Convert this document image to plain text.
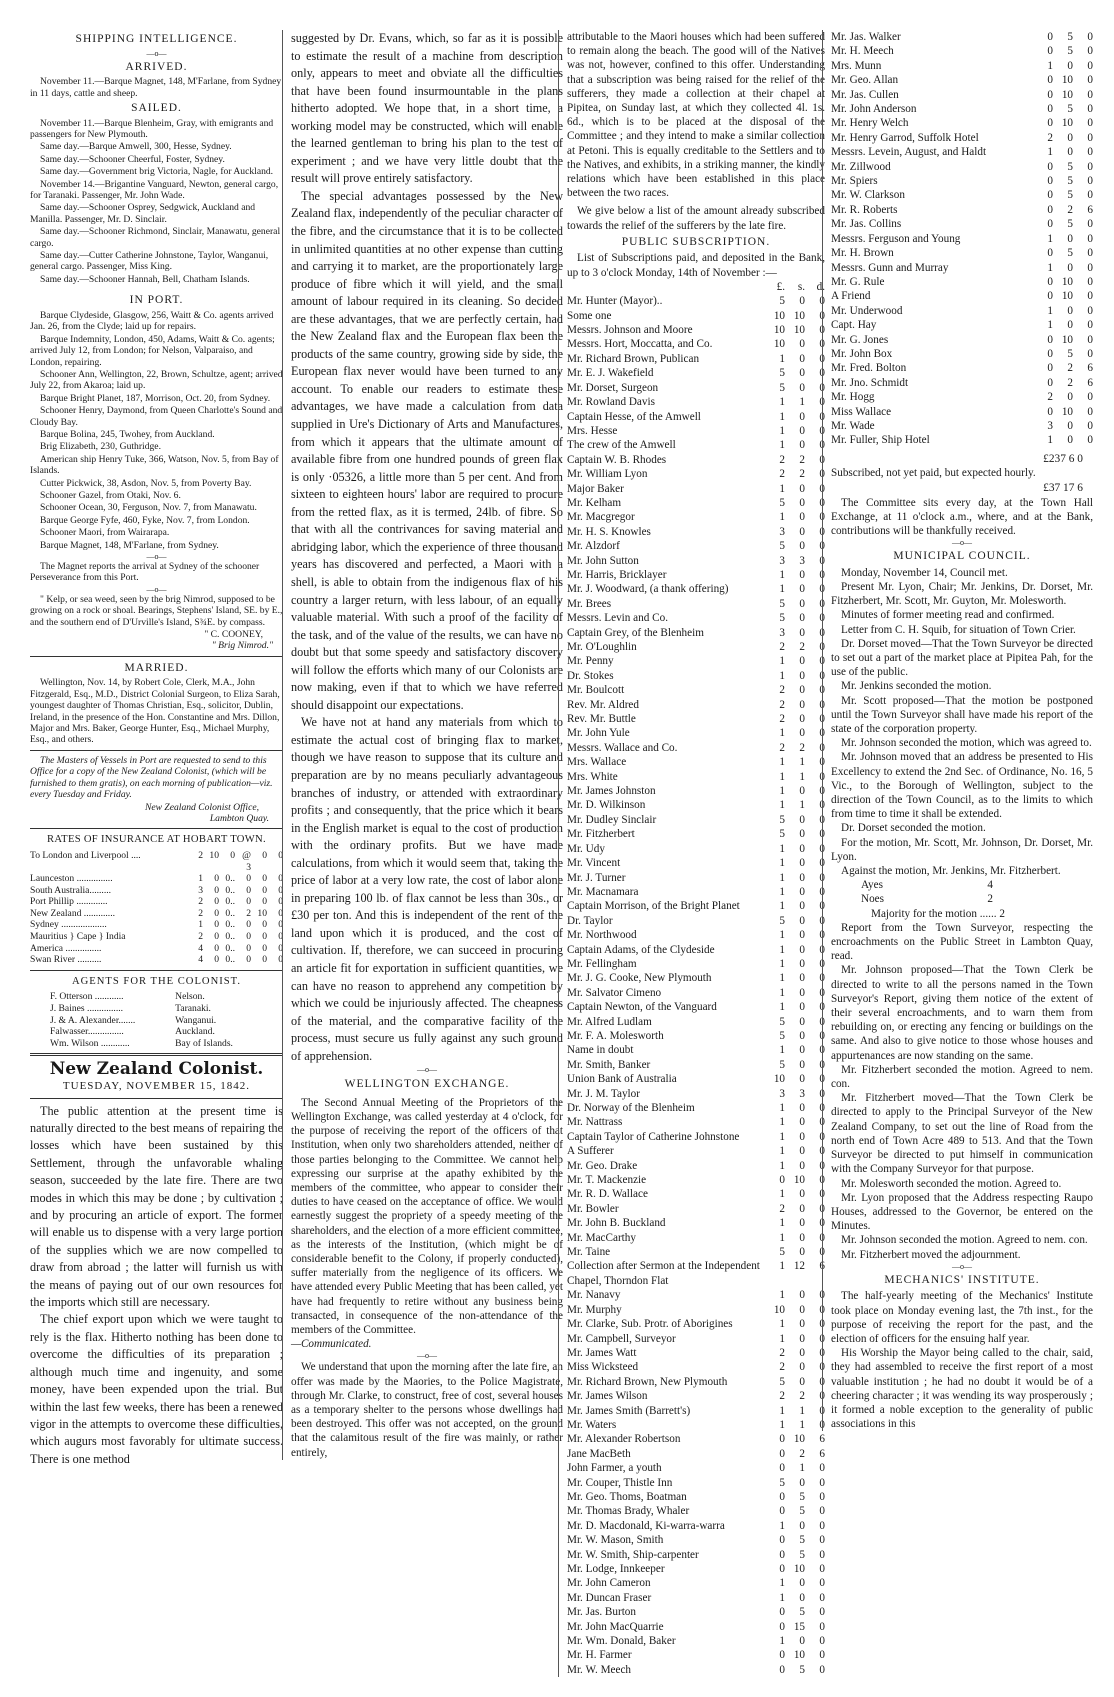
SHIPPING INTELLIGENCE.
—o—
ARRIVED.

November 11.—Barque Magnet, 148, M'Farlane, from Sydney in 11 days, cattle and sheep.

SAILED.

November 11.—Barque Blenheim, Gray, with emigrants and passengers for New Plymouth.

Same day.—Barque Amwell, 300, Hesse, Sydney.

Same day.—Schooner Cheerful, Foster, Sydney.

Same day.—Government brig Victoria, Nagle, for Auckland.

November 14.—Brigantine Vanguard, Newton, general cargo, for Taranaki. Passenger, Mr. John Wade.

Same day.—Schooner Osprey, Sedgwick, Auckland and Manilla. Passenger, Mr. D. Sinclair.

Same day.—Schooner Richmond, Sinclair, Manawatu, general cargo.

Same day.—Cutter Catherine Johnstone, Taylor, Wanganui, general cargo. Passenger, Miss King.

Same day.—Schooner Hannah, Bell, Chatham Islands.

IN PORT.

Barque Clydeside, Glasgow, 256, Waitt & Co. agents arrived Jan. 26, from the Clyde; laid up for repairs.

Barque Indemnity, London, 450, Adams, Waitt & Co. agents; arrived July 12, from London; for Nelson, Valparaiso, and London, repairing.

Schooner Ann, Wellington, 22, Brown, Schultze, agent; arrived July 22, from Akaroa; laid up.

Barque Bright Planet, 187, Morrison, Oct. 20, from Sydney.

Schooner Henry, Daymond, from Queen Charlotte's Sound and Cloudy Bay.

Barque Bolina, 245, Twohey, from Auckland.

Brig Elizabeth, 230, Guthridge.

American ship Henry Tuke, 366, Watson, Nov. 5, from Bay of Islands.

Cutter Pickwick, 38, Asdon, Nov. 5, from Poverty Bay.

Schooner Gazel, from Otaki, Nov. 6.

Schooner Ocean, 30, Ferguson, Nov. 7, from Manawatu.

Barque George Fyfe, 460, Fyke, Nov. 7, from London.

Schooner Maori, from Wairarapa.

Barque Magnet, 148, M'Farlane, from Sydney.

—o—

The Magnet reports the arrival at Sydney of the schooner Perseverance from this Port.

—o—

" Kelp, or sea weed, seen by the brig Nimrod, supposed to be growing on a rock or shoal. Bearings, Stephens' Island, SE. by E., and the southern end of D'Urville's Island, S¾E. by compass.

" C. COONEY,
" Brig Nimrod."
MARRIED.

Wellington, Nov. 14, by Robert Cole, Clerk, M.A., John Fitzgerald, Esq., M.D., District Colonial Surgeon, to Eliza Sarah, youngest daughter of Thomas Christian, Esq., solicitor, Dublin, Ireland, in the presence of the Hon. Constantine and Mrs. Dillon, Major and Mrs. Baker, George Hunter, Esq., Michael Murphy, Esq., and others.

The Masters of Vessels in Port are requested to send to this Office for a copy of the New Zealand Colonist, (which will be furnished to them gratis), on each morning of publication—viz. every Tuesday and Friday.

New Zealand Colonist Office,
Lambton Quay.
RATES OF INSURANCE AT HOBART TOWN.
To London and Liverpool ....	2	10	0	@ 3	0	0
Launceston ...............	1	0	0..	0	0	0
South Australia.........	3	0	0..	0	0	0
Port Phillip .............	2	0	0..	0	0	0
New Zealand .............	2	0	0..	2	10	0
Sydney ...................	1	0	0..	0	0	0
Mauritius } Cape } India	2	0	0..	0	0	0
America ...............	4	0	0..	0	0	0
Swan River ..........	4	0	0..	0	0	0
AGENTS FOR THE COLONIST.
F. Otterson ............	Nelson.
J. Baines ...............	Taranaki.
J. & A. Alexander.......	Wanganui.
Falwasser...............	Auckland.
Wm. Wilson ............	Bay of Islands.
New Zealand Colonist.
TUESDAY, NOVEMBER 15, 1842.

The public attention at the present time is naturally directed to the best means of repairing the losses which have been sustained by this Settlement, through the unfavorable whaling season, succeeded by the late fire. There are two modes in which this may be done ; by cultivation ; and by procuring an article of export. The former will enable us to dispense with a very large portion of the supplies which we are now compelled to draw from abroad ; the latter will furnish us with the means of paying out of our own resources for the imports which still are necessary.

The chief export upon which we were taught to rely is the flax. Hitherto nothing has been done to overcome the difficulties of its preparation ; although much time and ingenuity, and some money, have been expended upon the trial. But within the last few weeks, there has been a renewed vigor in the attempts to overcome these difficulties, which augurs most favorably for ultimate success. There is one method

suggested by Dr. Evans, which, so far as it is possible to estimate the result of a machine from description only, appears to meet and obviate all the difficulties that have been found insurmountable in the plans hitherto adopted. We hope that, in a short time, a working model may be constructed, which will enable the learned gentleman to bring his plan to the test of experiment ; and we have very little doubt that the result will prove entirely satisfactory.

The special advantages possessed by the New Zealand flax, independently of the peculiar character of the fibre, and the circumstance that it is to be collected in unlimited quantities at no other expense than cutting and carrying it to market, are the proportionately large produce of fibre which it will yield, and the small amount of labour required in its cleaning. So decided are these advantages, that we are perfectly certain, had the New Zealand flax and the European flax been the products of the same country, growing side by side, the European flax never would have been turned to any account. To enable our readers to estimate these advantages, we have made a calculation from data supplied in Ure's Dictionary of Arts and Manufactures, from which it appears that the ultimate amount of available fibre from one hundred pounds of green flax is only ·05326, a little more than 5 per cent. And from sixteen to eighteen hours' labor are required to procure from the retted flax, as it is termed, 24lb. of fibre. So that with all the contrivances for saving material and abridging labor, which the experience of three thousand years has discovered and perfected, a Maori with a shell, is able to obtain from the indigenous flax of his country a larger return, with less labour, of an equally valuable material. With such a proof of the facility of the task, and of the value of the results, we can have no doubt but that some speedy and satisfactory discovery will follow the efforts which many of our Colonists are now making, even if that to which we have referred should disappoint our expectations.

We have not at hand any materials from which to estimate the actual cost of bringing flax to market, though we have reason to suppose that its culture and preparation are by no means peculiarly advantageous branches of industry, or attended with extraordinary profits ; and consequently, that the price which it bears in the English market is equal to the cost of production with the ordinary profits. But we have made calculations, from which it would seem that, taking the price of labor at a very low rate, the cost of labor alone in preparing 100 lb. of flax cannot be less than 30s., or £30 per ton. And this is independent of the rent of the land upon which it is produced, and the cost of cultivation. If, therefore, we can succeed in procuring an article fit for exportation in sufficient quantities, we can have no reason to apprehend any competition by which we could be injuriously affected. The cheapness of the material, and the comparative facility of the process, must secure us fully against any such ground of apprehension.

—o—
WELLINGTON EXCHANGE.

The Second Annual Meeting of the Proprietors of the Wellington Exchange, was called yesterday at 4 o'clock, for the purpose of receiving the report of the officers of that Institution, when only two shareholders attended, neither of those parties belonging to the Committee. We cannot help expressing our surprise at the apathy exhibited by the members of the committee, who appear to consider their duties to have ceased on the acceptance of office. We would earnestly suggest the propriety of a speedy meeting of the shareholders, and the election of a more efficient committee, as the interests of the Institution, (which might be of considerable benefit to the Colony, if properly conducted), suffer materially from the negligence of its officers. We have attended every Public Meeting that has been called, yet have had frequently to retire without any business being transacted, in consequence of the non-attendance of the members of the Committee.

—Communicated.
—o—

We understand that upon the morning after the late fire, an offer was made by the Maories, to the Police Magistrate, through Mr. Clarke, to construct, free of cost, several houses as a temporary shelter to the persons whose dwellings had been destroyed. This offer was not accepted, on the ground that the calamitous result of the fire was mainly, or rather entirely,

attributable to the Maori houses which had been suffered to remain along the beach. The good will of the Natives was not, however, confined to this offer. Understanding that a subscription was being raised for the relief of the sufferers, they made a collection at their chapel at Pipitea, on Sunday last, at which they collected 4l. 1s. 6d., which is to be placed at the disposal of the Committee ; and they intend to make a similar collection at Petoni. This is equally creditable to the Settlers and to the Natives, and exhibits, in a striking manner, the kindly relations which have been established in this place between the two races.

We give below a list of the amount already subscribed towards the relief of the sufferers by the late fire.

PUBLIC SUBSCRIPTION.

List of Subscriptions paid, and deposited in the Bank, up to 3 o'clock Monday, 14th of November :—

	£.	s.	d.
Mr. Hunter (Mayor)..	5	0	0
Some one	10	10	0
Messrs. Johnson and Moore	10	10	0
Messrs. Hort, Moccatta, and Co.	10	0	0
Mr. Richard Brown, Publican	1	0	0
Mr. E. J. Wakefield	5	0	0
Mr. Dorset, Surgeon	5	0	0
Mr. Rowland Davis	1	1	0
Captain Hesse, of the Amwell	1	0	0
Mrs. Hesse	1	0	0
The crew of the Amwell	1	0	0
Captain W. B. Rhodes	2	2	0
Mr. William Lyon	2	2	0
Major Baker	1	0	0
Mr. Kelham	5	0	0
Mr. Macgregor	1	0	0
Mr. H. S. Knowles	3	0	0
Mr. Alzdorf	5	0	0
Mr. John Sutton	3	3	0
Mr. Harris, Bricklayer	1	0	0
Mr. J. Woodward, (a thank offering)	1	0	0
Mr. Brees	5	0	0
Messrs. Levin and Co.	5	0	0
Captain Grey, of the Blenheim	3	0	0
Mr. O'Loughlin	2	2	0
Mr. Penny	1	0	0
Dr. Stokes	1	0	0
Mr. Boulcott	2	0	0
Rev. Mr. Aldred	2	0	0
Rev. Mr. Buttle	2	0	0
Mr. John Yule	1	0	0
Messrs. Wallace and Co.	2	2	0
Mrs. Wallace	1	1	0
Mrs. White	1	1	0
Mr. James Johnston	1	0	0
Mr. D. Wilkinson	1	1	0
Mr. Dudley Sinclair	5	0	0
Mr. Fitzherbert	5	0	0
Mr. Udy	1	0	0
Mr. Vincent	1	0	0
Mr. J. Turner	1	0	0
Mr. Macnamara	1	0	0
Captain Morrison, of the Bright Planet	1	0	0
Dr. Taylor	5	0	0
Mr. Northwood	1	0	0
Captain Adams, of the Clydeside	1	0	0
Mr. Fellingham	1	0	0
Mr. J. G. Cooke, New Plymouth	1	0	0
Mr. Salvator Cimeno	1	0	0
Captain Newton, of the Vanguard	1	0	0
Mr. Alfred Ludlam	5	0	0
Mr. F. A. Molesworth	5	0	0
Name in doubt	1	0	0
Mr. Smith, Banker	5	0	0
Union Bank of Australia	10	0	0
Mr. J. M. Taylor	3	3	0
Dr. Norway of the Blenheim	1	0	0
Mr. Nattrass	1	0	0
Captain Taylor of Catherine Johnstone	1	0	0
A Sufferer	1	0	0
Mr. Geo. Drake	1	0	0
Mr. T. Mackenzie	0	10	0
Mr. R. D. Wallace	1	0	0
Mr. Bowler	2	0	0
Mr. John B. Buckland	1	0	0
Mr. MacCarthy	1	0	0
Mr. Taine	5	0	0
Collection after Sermon at the Independent Chapel, Thorndon Flat	1	12	6
Mr. Nanavy	1	0	0
Mr. Murphy	10	0	0
Mr. Clarke, Sub. Protr. of Aborigines	1	0	0
Mr. Campbell, Surveyor	1	0	0
Mr. James Watt	2	0	0
Miss Wicksteed	2	0	0
Mr. Richard Brown, New Plymouth	5	0	0
Mr. James Wilson	2	2	0
Mr. James Smith (Barrett's)	1	1	0
Mr. Waters	1	1	0
Mr. Alexander Robertson	0	10	6
Jane MacBeth	0	2	6
John Farmer, a youth	0	1	0
Mr. Couper, Thistle Inn	5	0	0
Mr. Geo. Thoms, Boatman	0	5	0
Mr. Thomas Brady, Whaler	0	5	0
Mr. D. Macdonald, Ki-warra-warra	1	0	0
Mr. W. Mason, Smith	0	5	0
Mr. W. Smith, Ship-carpenter	0	5	0
Mr. Lodge, Innkeeper	0	10	0
Mr. John Cameron	1	0	0
Mr. Duncan Fraser	1	0	0
Mr. Jas. Burton	0	5	0
Mr. John MacQuarrie	0	15	0
Mr. Wm. Donald, Baker	1	0	0
Mr. H. Farmer	0	10	0
Mr. W. Meech	0	5	0
Mr. Jas. Walker	0	5	0
Mr. H. Meech	0	5	0
Mrs. Munn	1	0	0
Mr. Geo. Allan	0	10	0
Mr. Jas. Cullen	0	10	0
Mr. John Anderson	0	5	0
Mr. Henry Welch	0	10	0
Mr. Henry Garrod, Suffolk Hotel	2	0	0
Messrs. Levein, August, and Haldt	1	0	0
Mr. Zillwood	0	5	0
Mr. Spiers	0	5	0
Mr. W. Clarkson	0	5	0
Mr. R. Roberts	0	2	6
Mr. Jas. Collins	0	5	0
Messrs. Ferguson and Young	1	0	0
Mr. H. Brown	0	5	0
Messrs. Gunn and Murray	1	0	0
Mr. G. Rule	0	10	0
A Friend	0	10	0
Mr. Underwood	1	0	0
Capt. Hay	1	0	0
Mr. G. Jones	0	10	0
Mr. John Box	0	5	0
Mr. Fred. Bolton	0	2	6
Mr. Jno. Schmidt	0	2	6
Mr. Hogg	2	0	0
Miss Wallace	0	10	0
Mr. Wade	3	0	0
Mr. Fuller, Ship Hotel	1	0	0
£237 6 0
Subscribed, not yet paid, but expected hourly.
£37 17 6

The Committee sits every day, at the Town Hall Exchange, at 11 o'clock a.m., where, and at the Bank, contributions will be thankfully received.

—o—
MUNICIPAL COUNCIL.

Monday, November 14, Council met.

Present Mr. Lyon, Chair; Mr. Jenkins, Dr. Dorset, Mr. Fitzherbert, Mr. Scott, Mr. Guyton, Mr. Molesworth.

Minutes of former meeting read and confirmed.

Letter from C. H. Squib, for situation of Town Crier.

Dr. Dorset moved—That the Town Surveyor be directed to set out a part of the market place at Pipitea Pah, for the use of the public.

Mr. Jenkins seconded the motion.

Mr. Scott proposed—That the motion be postponed until the Town Surveyor shall have made his report of the state of the corporation property.

Mr. Johnson seconded the motion, which was agreed to.

Mr. Johnson moved that an address be presented to His Excellency to extend the 2nd Sec. of Ordinance, No. 16, 5 Vic., to the Borough of Wellington, subject to the direction of the Town Council, as to the limits to which from time to time it shall be extended.

Dr. Dorset seconded the motion.

For the motion, Mr. Scott, Mr. Johnson, Dr. Dorset, Mr. Lyon.

Against the motion, Mr. Jenkins, Mr. Fitzherbert.

Ayes	4
Noes	2
Majority for the motion ...... 2

Report from the Town Surveyor, respecting the encroachments on the Public Street in Lambton Quay, read.

Mr. Johnson proposed—That the Town Clerk be directed to write to all the persons named in the Town Surveyor's Report, giving them notice of the extent of their several encroachments, and to warn them from rebuilding on, or erecting any fencing or buildings on the same. And also to give notice to those whose houses and appurtenances are now standing on the same.

Mr. Fitzherbert seconded the motion. Agreed to nem. con.

Mr. Fitzherbert moved—That the Town Clerk be directed to apply to the Principal Surveyor of the New Zealand Company, to set out the line of Road from the north end of Town Acre 489 to 513. And that the Town Surveyor be directed to put himself in communication with the Company Surveyor for that purpose.

Mr. Molesworth seconded the motion. Agreed to.

Mr. Lyon proposed that the Address respecting Raupo Houses, addressed to the Governor, be entered on the Minutes.

Mr. Johnson seconded the motion. Agreed to nem. con.

Mr. Fitzherbert moved the adjournment.

—o—
MECHANICS' INSTITUTE.

The half-yearly meeting of the Mechanics' Institute took place on Monday evening last, the 7th inst., for the purpose of receiving the report for the past, and the election of officers for the ensuing half year.

His Worship the Mayor being called to the chair, said, they had assembled to receive the first report of a most valuable institution ; he had no doubt it would be of a cheering character ; it was wending its way prosperously ; it formed a noble exception to the generality of public associations in this
